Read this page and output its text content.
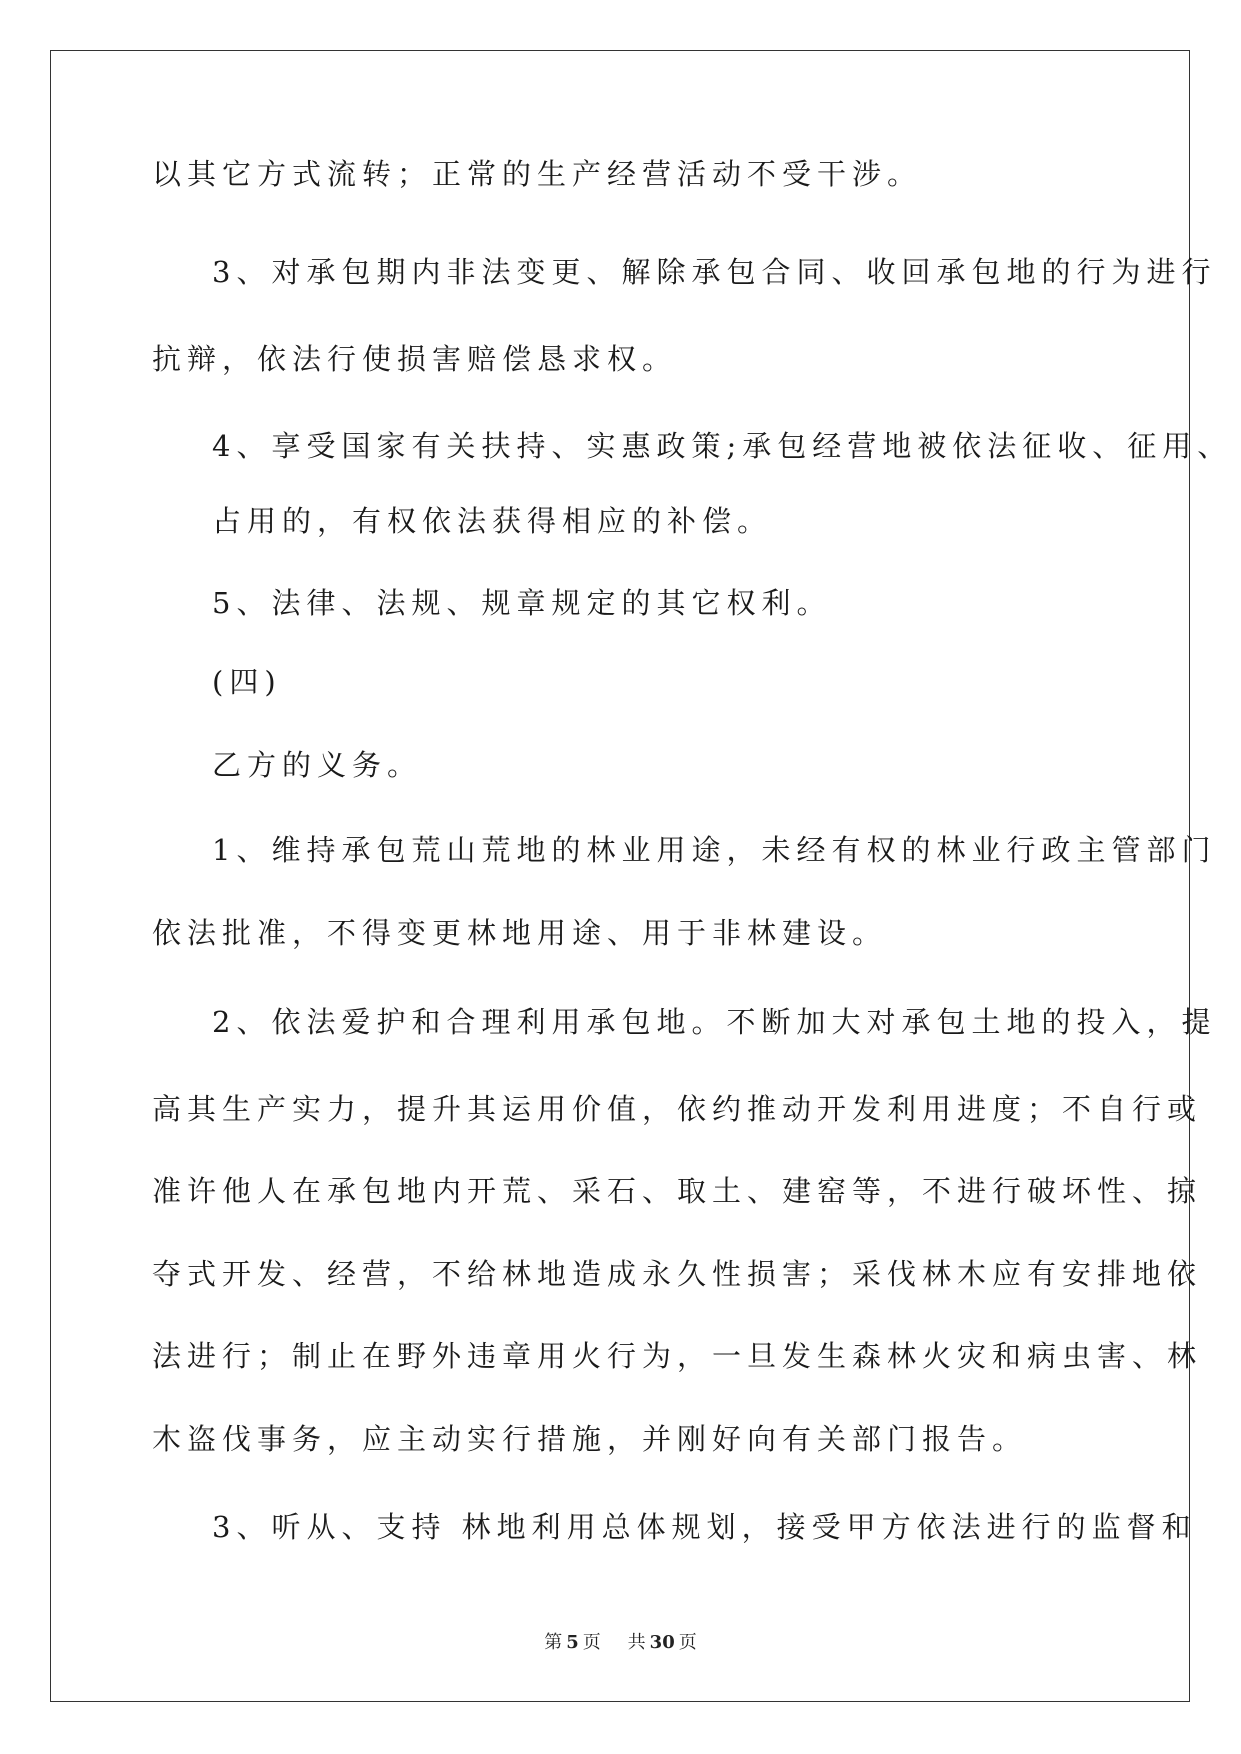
以其它方式流转；正常的生产经营活动不受干涉。

3、对承包期内非法变更、解除承包合同、收回承包地的行为进行

抗辩，依法行使损害赔偿恳求权。

4、享受国家有关扶持、实惠政策;承包经营地被依法征收、征用、

占用的，有权依法获得相应的补偿。

5、法律、法规、规章规定的其它权利。

(四)

乙方的义务。

1、维持承包荒山荒地的林业用途，未经有权的林业行政主管部门

依法批准，不得变更林地用途、用于非林建设。

2、依法爱护和合理利用承包地。不断加大对承包土地的投入，提

高其生产实力，提升其运用价值，依约推动开发利用进度；不自行或

准许他人在承包地内开荒、采石、取土、建窑等，不进行破坏性、掠

夺式开发、经营，不给林地造成永久性损害；采伐林木应有安排地依

法进行；制止在野外违章用火行为，一旦发生森林火灾和病虫害、林

木盗伐事务，应主动实行措施，并刚好向有关部门报告。

3、听从、支持 林地利用总体规划，接受甲方依法进行的监督和

第 5 页 共 30 页
